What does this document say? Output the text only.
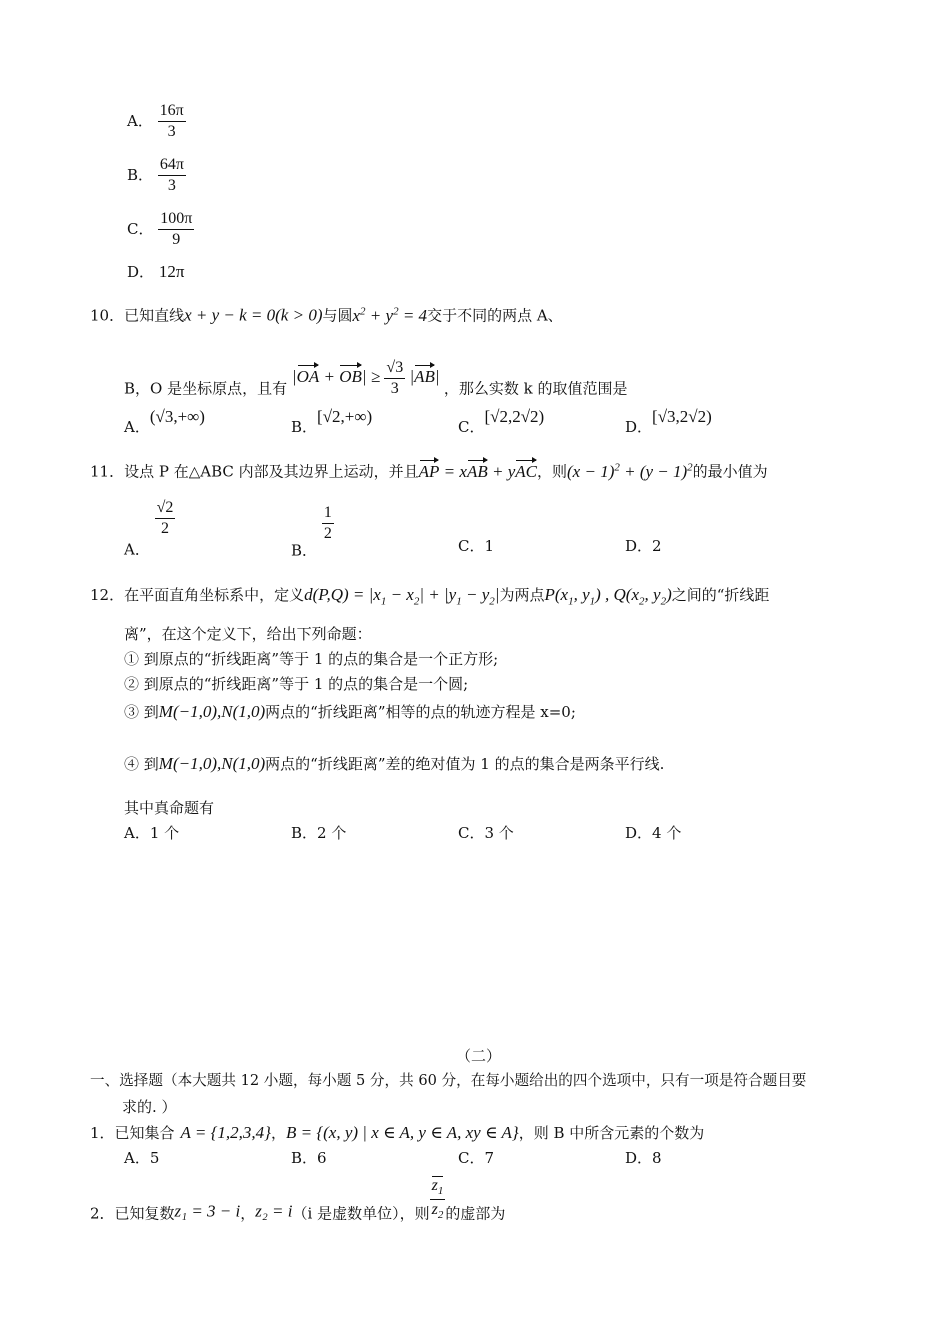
A． $\frac{16\pi}{3}$
B． $\frac{64\pi}{3}$
C． $\frac{100\pi}{9}$
D． 12π
10．已知直线x + y − k = 0(k > 0)与圆$x^2 + y^2 = 4$交于不同的两点 A、
B，O 是坐标原点，且有 $|OA + OB| \ge \frac{√3}{3} |AB|$ ，那么实数 k 的取值范围是
A．(√3,+∞)
B．[√2,+∞)
C．[√2,2√2)
D．[√3,2√2)
11．设点 P 在△ABC 内部及其边界上运动，并且AP = xAB + yAC，则$(x - 1)^2 + (y - 1)^2$的最小值为
A．
$\frac{√2}{2}$
B．
$\frac{1}{2}$
C．1	D．2
12．在平面直角坐标系中，定义$d(P,Q) = |x_1 - x_2| + |y_1 - y_2|$为两点$P(x_1$, $y_1$) , $Q(x_2$, $y_2$)之间的“折线距
离”，在这个定义下，给出下列命题：
① 到原点的“折线距离”等于 1 的点的集合是一个正方形;
② 到原点的“折线距离”等于 1 的点的集合是一个圆;
③ 到M(−1,0),N(1,0)两点的“折线距离”相等的点的轨迹方程是 x=0;
④ 到M(−1,0),N(1,0)两点的“折线距离”差的绝对值为 1 的点的集合是两条平行线.
其中真命题有
A．1 个	B．2 个	C．3 个	D．4 个
（二）
一、选择题（本大题共 12 小题，每小题 5 分，共 60 分，在每小题给出的四个选项中，只有一项是符合题目要
求的. ）
1．已知集合 A = {1,2,3,4}，B = {(x, y) | x ∈ A, y ∈ A, xy ∈ A}，则 B 中所含元素的个数为
A．5	B．6	C．7	D．8
2．已知复数z₁ = 3 − i，z₂ = i（i 是虚数单位），则 $\frac{z_1}{z_2}$ 的虚部为
